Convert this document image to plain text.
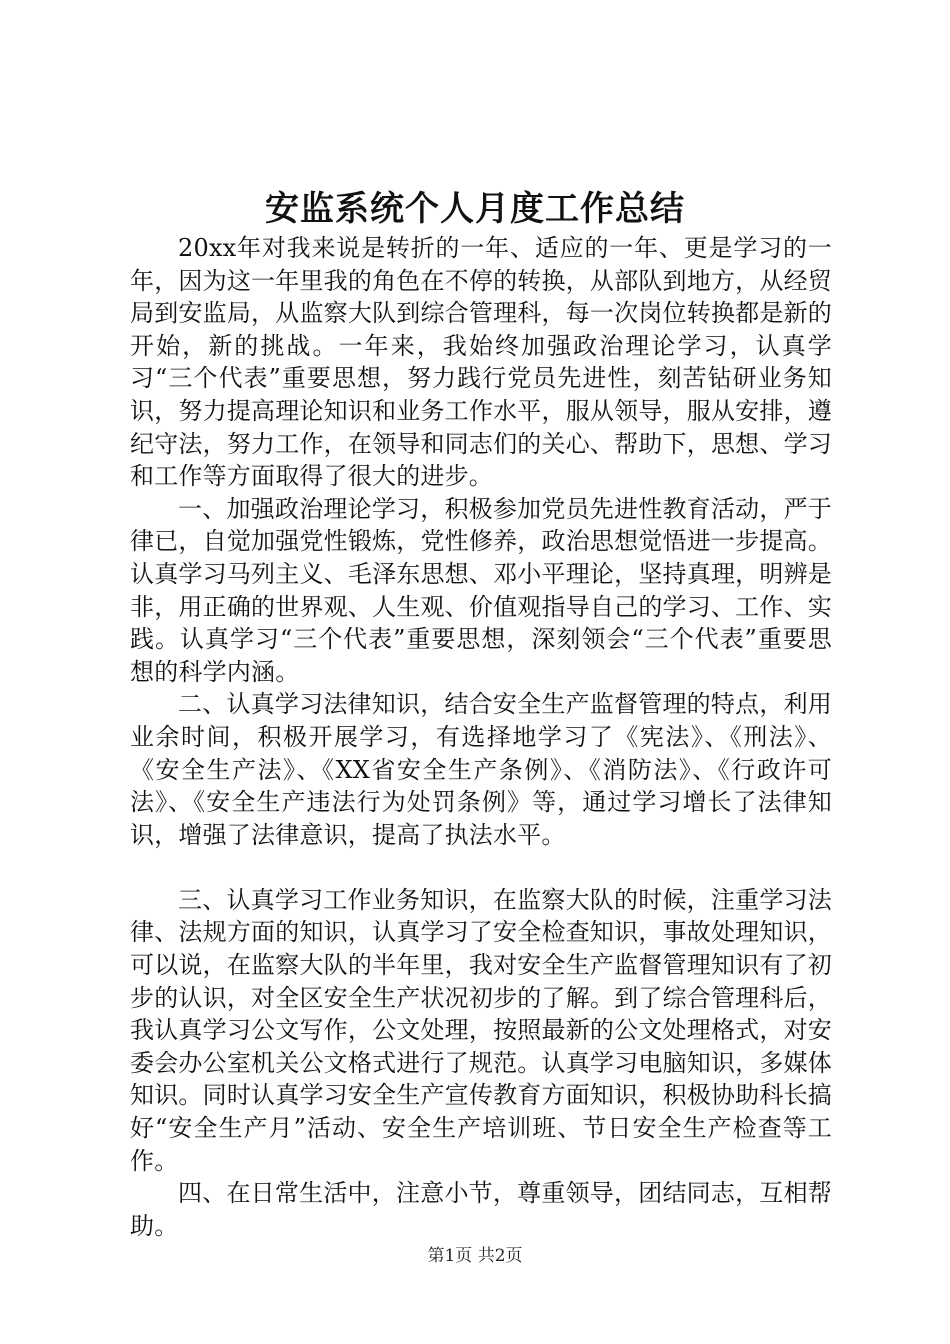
安监系统个人月度工作总结

20xx年对我来说是转折的一年、适应的一年、更是学习的一年，因为这一年里我的角色在不停的转换，从部队到地方，从经贸局到安监局，从监察大队到综合管理科，每一次岗位转换都是新的开始，新的挑战。一年来，我始终加强政治理论学习，认真学习“三个代表”重要思想，努力践行党员先进性，刻苦钻研业务知识，努力提高理论知识和业务工作水平，服从领导，服从安排，遵纪守法，努力工作，在领导和同志们的关心、帮助下，思想、学习和工作等方面取得了很大的进步。

一、加强政治理论学习，积极参加党员先进性教育活动，严于律已，自觉加强党性锻炼，党性修养，政治思想觉悟进一步提高。认真学习马列主义、毛泽东思想、邓小平理论，坚持真理，明辨是非，用正确的世界观、人生观、价值观指导自己的学习、工作、实践。认真学习“三个代表”重要思想，深刻领会“三个代表”重要思想的科学内涵。

二、认真学习法律知识，结合安全生产监督管理的特点，利用业余时间，积极开展学习，有选择地学习了《宪法》、《刑法》、《安全生产法》、《XX省安全生产条例》、《消防法》、《行政许可法》、《安全生产违法行为处罚条例》等，通过学习增长了法律知识，增强了法律意识，提高了执法水平。

三、认真学习工作业务知识，在监察大队的时候，注重学习法律、法规方面的知识，认真学习了安全检查知识，事故处理知识，可以说，在监察大队的半年里，我对安全生产监督管理知识有了初步的认识，对全区安全生产状况初步的了解。到了综合管理科后，我认真学习公文写作，公文处理，按照最新的公文处理格式，对安委会办公室机关公文格式进行了规范。认真学习电脑知识，多媒体知识。同时认真学习安全生产宣传教育方面知识，积极协助科长搞好“安全生产月”活动、安全生产培训班、节日安全生产检查等工作。

四、在日常生活中，注意小节，尊重领导，团结同志，互相帮助。

第1页 共2页
